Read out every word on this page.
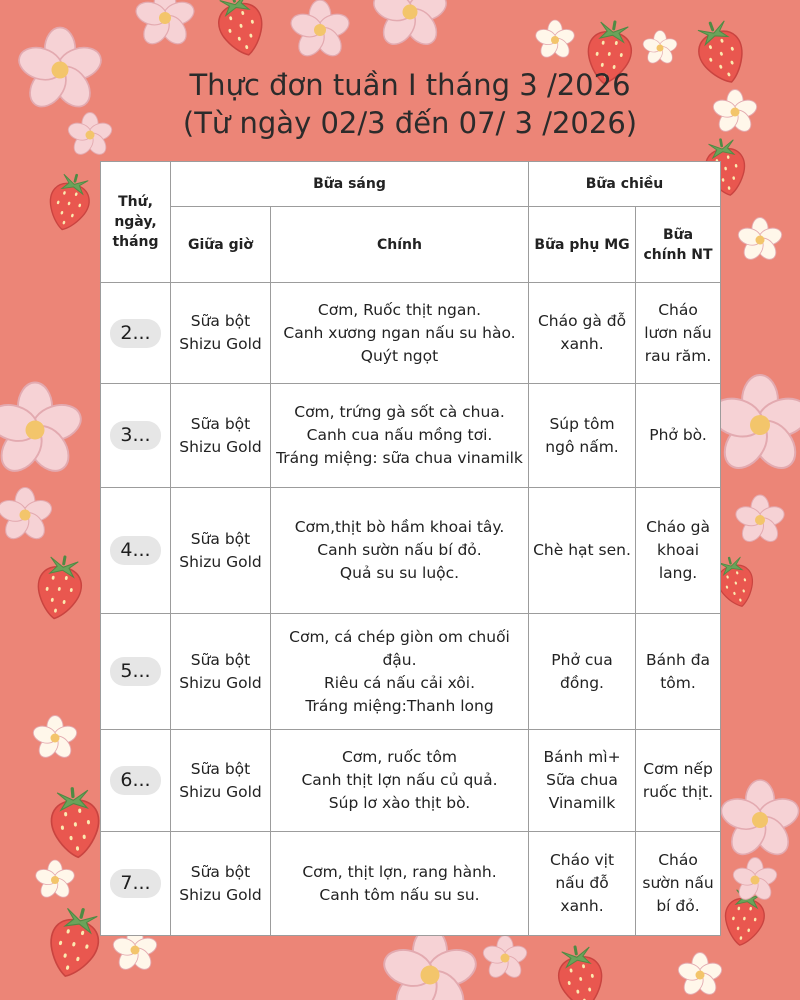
Thực đơn tuần I tháng 3 /2026
(Từ ngày 02/3 đến 07/ 3 /2026)
Thứ, ngày, tháng	Bữa sáng		Bữa chiều	
	Giữa giờ	Chính	Bữa phụ MG	Bữa chính NT
2...	Sữa bột Shizu Gold	Cơm, Ruốc thịt ngan.
Canh xương ngan nấu su hào.
Quýt ngọt	Cháo gà đỗ xanh.	Cháo lươn nấu rau răm.
3...	Sữa bột Shizu Gold	Cơm, trứng gà sốt cà chua.
Canh cua nấu mồng tơi.
Tráng miệng: sữa chua vinamilk	Súp tôm ngô nấm.	Phở bò.
4...	Sữa bột Shizu Gold	Cơm,thịt bò hầm khoai tây.
Canh sườn nấu bí đỏ.
Quả su su luộc.	Chè hạt sen.	Cháo gà khoai lang.
5...	Sữa bột Shizu Gold	Cơm, cá chép giòn om chuối đậu.
Riêu cá nấu cải xôi.
Tráng miệng:Thanh long	Phở cua đồng.	Bánh đa tôm.
6...	Sữa bột Shizu Gold	Cơm, ruốc tôm
Canh thịt lợn nấu củ quả.
Súp lơ xào thịt bò.	Bánh mì+ Sữa chua Vinamilk	Cơm nếp ruốc thịt.
7...	Sữa bột Shizu Gold	Cơm, thịt lợn, rang hành.
Canh tôm nấu su su.	Cháo vịt nấu đỗ xanh.	Cháo sườn nấu bí đỏ.
